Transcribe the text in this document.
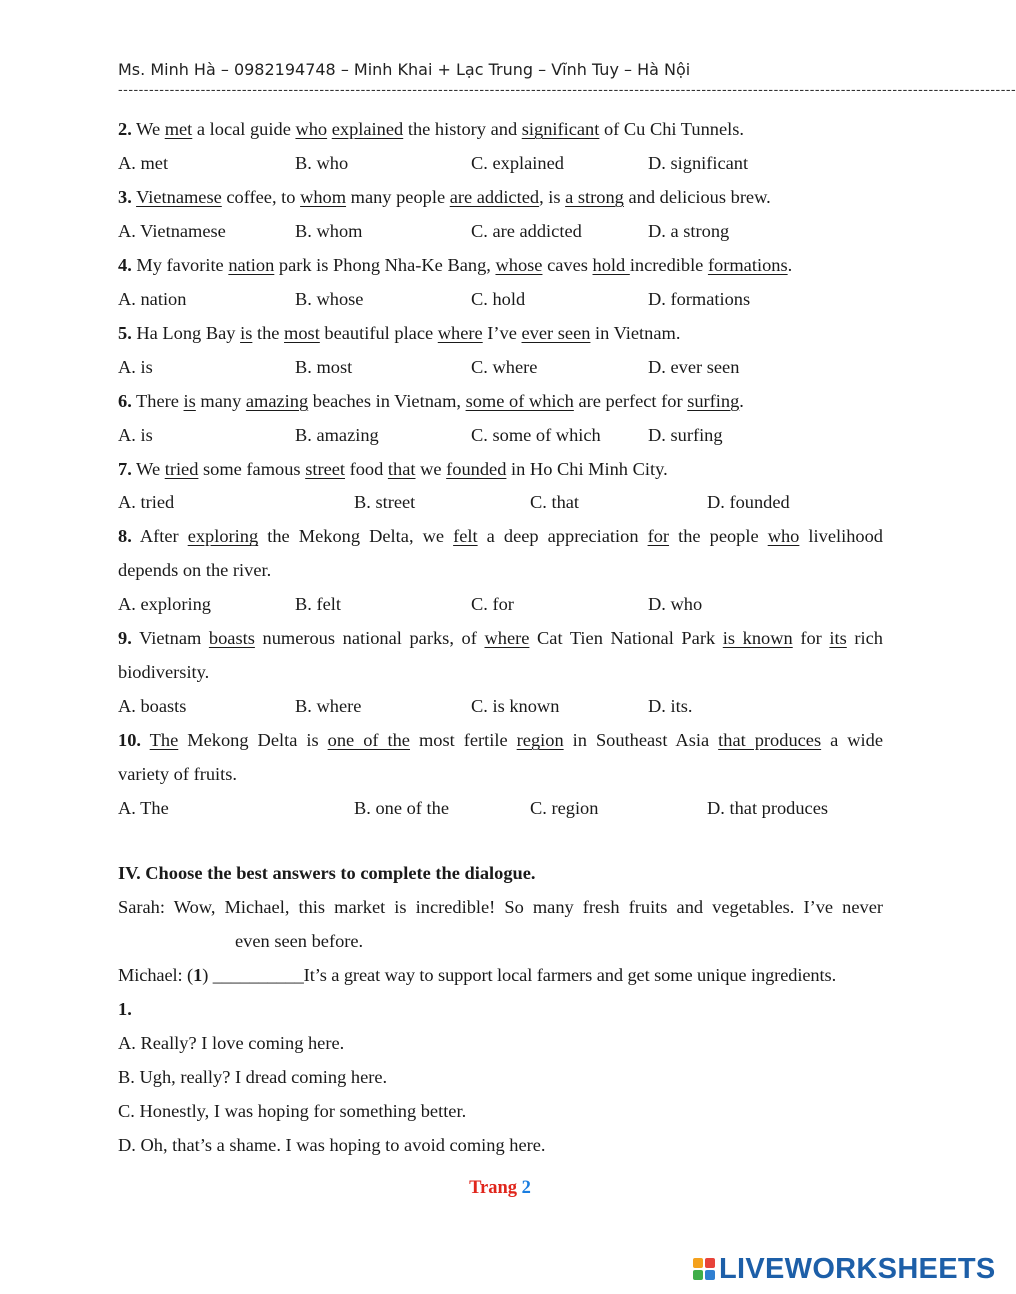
Ms. Minh Hà – 0982194748 – Minh Khai + Lạc Trung – Vĩnh Tuy – Hà Nội
------------------------------------------------------------------------------------------------------------------------------------------------------------------------------
2. We met a local guide who explained the history and significant of Cu Chi Tunnels.
A. met	B. who	C. explained	D. significant
3. Vietnamese coffee, to whom many people are addicted, is a strong and delicious brew.
A. Vietnamese	B. whom	C. are addicted	D. a strong
4. My favorite nation park is Phong Nha-Ke Bang, whose caves hold incredible formations.
A. nation	B. whose	C. hold	D. formations
5. Ha Long Bay is the most beautiful place where I’ve ever seen in Vietnam.
A. is	B. most	C. where	D. ever seen
6. There is many amazing beaches in Vietnam, some of which are perfect for surfing.
A. is	B. amazing	C. some of which	D. surfing
7. We tried some famous street food that we founded in Ho Chi Minh City.
A. tried	B. street	C. that	D. founded
8. After exploring the Mekong Delta, we felt a deep appreciation for the people who livelihood
depends on the river.
A. exploring	B. felt	C. for	D. who
9. Vietnam boasts numerous national parks, of where Cat Tien National Park is known for its rich
biodiversity.
A. boasts	B. where	C. is known	D. its.
10. The Mekong Delta is one of the most fertile region in Southeast Asia that produces a wide
variety of fruits.
A. The	B. one of the	C. region	D. that produces
IV. Choose the best answers to complete the dialogue.
Sarah: Wow, Michael, this market is incredible! So many fresh fruits and vegetables. I’ve never
even seen before.
Michael: (1) __________It’s a great way to support local farmers and get some unique ingredients.
1.
A. Really? I love coming here.
B. Ugh, really? I dread coming here.
C. Honestly, I was hoping for something better.
D. Oh, that’s a shame. I was hoping to avoid coming here.
Trang 2
LIVEWORKSHEETS
